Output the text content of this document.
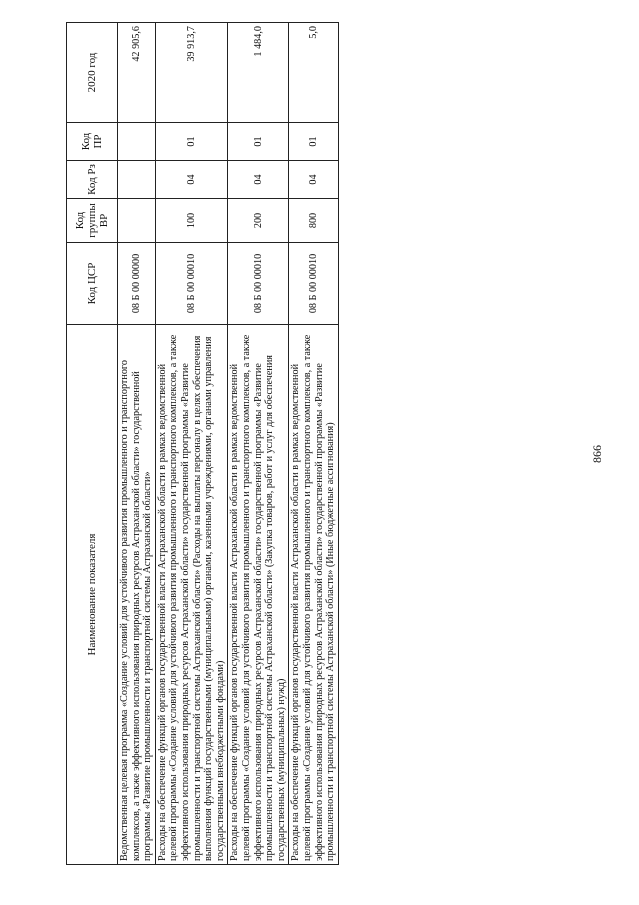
866
Наименование показателя	Код ЦСР	Код группы ВР	Код Рз	Код ПР	2020 год
Ведомственная целевая программа «Создание условий для устойчивого развития промышленного и транспортного комплексов, а также эффективного использования природных ресурсов Астраханской области» государственной программы «Развитие промышленности и транспортной системы Астраханской области»	08 Б 00 00000				42 905,6
Расходы на обеспечение функций органов государственной власти Астраханской области в рамках ведомственной целевой программы «Создание условий для устойчивого развития промышленного и транспортного комплексов, а также эффективного использования природных ресурсов Астраханской области» государственной программы «Развитие промышленности и транспортной системы Астраханской области» (Расходы на выплаты персоналу в целях обеспечения выполнения функций государственными (муниципальными) органами, казенными учреждениями, органами управления государственными внебюджетными фондами)	08 Б 00 00010	100	04	01	39 913,7
Расходы на обеспечение функций органов государственной власти Астраханской области в рамках ведомственной целевой программы «Создание условий для устойчивого развития промышленного и транспортного комплексов, а также эффективного использования природных ресурсов Астраханской области» государственной программы «Развитие промышленности и транспортной системы Астраханской области» (Закупка товаров, работ и услуг для обеспечения государственных (муниципальных) нужд)	08 Б 00 00010	200	04	01	1 484,0
Расходы на обеспечение функций органов государственной власти Астраханской области в рамках ведомственной целевой программы «Создание условий для устойчивого развития промышленного и транспортного комплексов, а также эффективного использования природных ресурсов Астраханской области» государственной программы «Развитие промышленности и транспортной системы Астраханской области» (Иные бюджетные ассигнования)	08 Б 00 00010	800	04	01	5,0
